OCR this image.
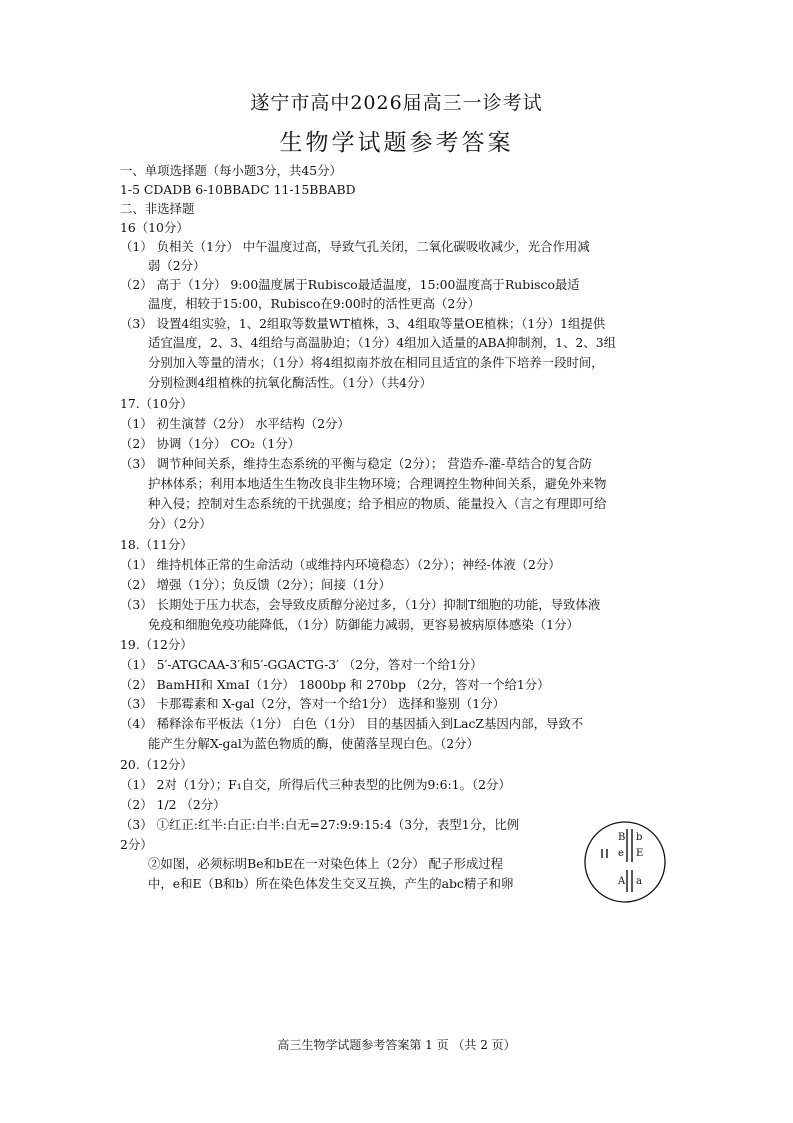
遂宁市高中2026届高三一诊考试
生物学试题参考答案
一、单项选择题（每小题3分，共45分）
1-5 CDADB 6-10BBADC 11-15BBABD
二、非选择题
16（10分）
（1） 负相关（1分） 中午温度过高，导致气孔关闭，二氧化碳吸收减少，光合作用减
弱（2分）
（2） 高于（1分） 9:00温度属于Rubisco最适温度，15:00温度高于Rubisco最适
温度，相较于15:00，Rubisco在9:00时的活性更高（2分）
（3） 设置4组实验，1、2组取等数量WT植株，3、4组取等量OE植株；（1分）1组提供
适宜温度，2、3、4组给与高温胁迫；（1分）4组加入适量的ABA抑制剂，1、2、3组
分别加入等量的清水；（1分）将4组拟南芥放在相同且适宜的条件下培养一段时间，
分别检测4组植株的抗氧化酶活性。（1分）（共4分）
17.（10分）
（1） 初生演替（2分） 水平结构（2分）
（2） 协调（1分） CO₂（1分）
（3） 调节种间关系，维持生态系统的平衡与稳定（2分）； 营造乔-灌-草结合的复合防
护林体系；利用本地适生生物改良非生物环境；合理调控生物种间关系，避免外来物
种入侵；控制对生态系统的干扰强度；给予相应的物质、能量投入（言之有理即可给
分）（2分）
18.（11分）
（1） 维持机体正常的生命活动（或维持内环境稳态）（2分）；神经-体液（2分）
（2） 增强（1分）；负反馈（2分）；间接（1分）
（3） 长期处于压力状态，会导致皮质醇分泌过多，（1分）抑制T细胞的功能，导致体液
免疫和细胞免疫功能降低，（1分）防御能力减弱，更容易被病原体感染（1分）
19.（12分）
（1） 5′-ATGCAA-3′和5′-GGACTG-3′ （2分，答对一个给1分）
（2） BamHⅠ和 XmaⅠ（1分） 1800bp 和 270bp （2分，答对一个给1分）
（3） 卡那霉素和 X-gal（2分，答对一个给1分） 选择和鉴别（1分）
（4） 稀释涂布平板法（1分） 白色（1分） 目的基因插入到LacZ基因内部，导致不
能产生分解X-gal为蓝色物质的酶，使菌落呈现白色。（2分）
20.（12分）
（1） 2对（1分）；F₁自交，所得后代三种表型的比例为9:6:1。（2分）
（2） 1/2 （2分）
（3） ①红正:红半:白正:白半:白无=27:9:9:15:4（3分，表型1分，比例
2分）
②如图，必须标明Be和bE在一对染色体上（2分） 配子形成过程
中，e和E（B和b）所在染色体发生交叉互换，产生的abc精子和卵
B
e
b
E
A a
高三生物学试题参考答案第 1 页 （共 2 页）
